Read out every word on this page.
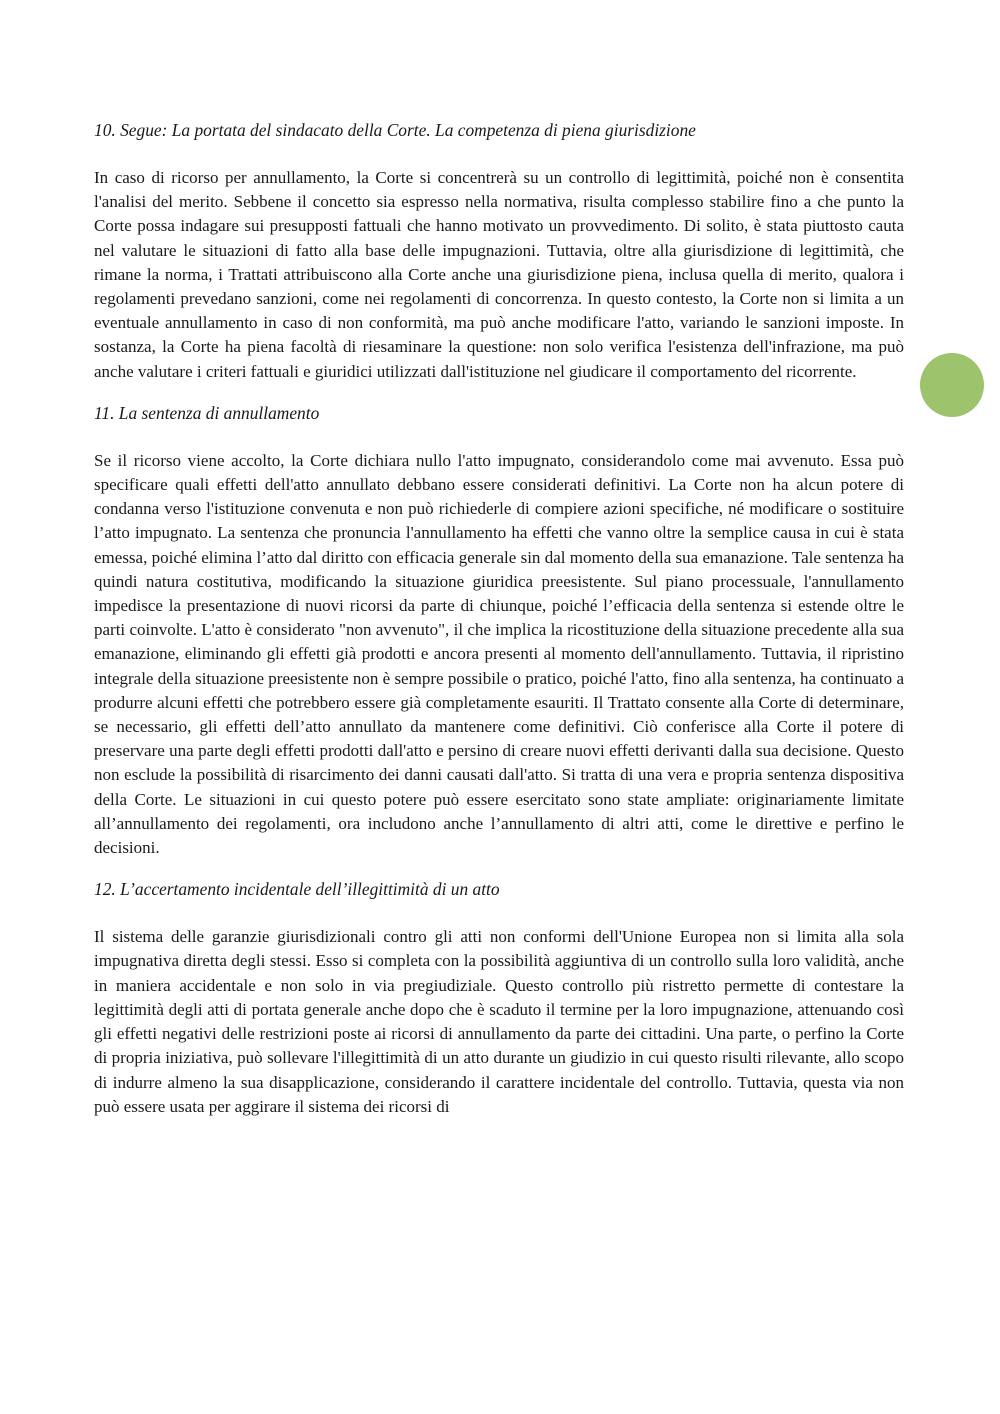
10. Segue: La portata del sindacato della Corte. La competenza di piena giurisdizione

In caso di ricorso per annullamento, la Corte si concentrerà su un controllo di legittimità, poiché non è consentita l'analisi del merito. Sebbene il concetto sia espresso nella normativa, risulta complesso stabilire fino a che punto la Corte possa indagare sui presupposti fattuali che hanno motivato un provvedimento. Di solito, è stata piuttosto cauta nel valutare le situazioni di fatto alla base delle impugnazioni. Tuttavia, oltre alla giurisdizione di legittimità, che rimane la norma, i Trattati attribuiscono alla Corte anche una giurisdizione piena, inclusa quella di merito, qualora i regolamenti prevedano sanzioni, come nei regolamenti di concorrenza. In questo contesto, la Corte non si limita a un eventuale annullamento in caso di non conformità, ma può anche modificare l'atto, variando le sanzioni imposte. In sostanza, la Corte ha piena facoltà di riesaminare la questione: non solo verifica l'esistenza dell'infrazione, ma può anche valutare i criteri fattuali e giuridici utilizzati dall'istituzione nel giudicare il comportamento del ricorrente.

11. La sentenza di annullamento

Se il ricorso viene accolto, la Corte dichiara nullo l'atto impugnato, considerandolo come mai avvenuto. Essa può specificare quali effetti dell'atto annullato debbano essere considerati definitivi. La Corte non ha alcun potere di condanna verso l'istituzione convenuta e non può richiederle di compiere azioni specifiche, né modificare o sostituire l’atto impugnato. La sentenza che pronuncia l'annullamento ha effetti che vanno oltre la semplice causa in cui è stata emessa, poiché elimina l’atto dal diritto con efficacia generale sin dal momento della sua emanazione. Tale sentenza ha quindi natura costitutiva, modificando la situazione giuridica preesistente. Sul piano processuale, l'annullamento impedisce la presentazione di nuovi ricorsi da parte di chiunque, poiché l’efficacia della sentenza si estende oltre le parti coinvolte. L'atto è considerato "non avvenuto", il che implica la ricostituzione della situazione precedente alla sua emanazione, eliminando gli effetti già prodotti e ancora presenti al momento dell'annullamento. Tuttavia, il ripristino integrale della situazione preesistente non è sempre possibile o pratico, poiché l'atto, fino alla sentenza, ha continuato a produrre alcuni effetti che potrebbero essere già completamente esauriti. Il Trattato consente alla Corte di determinare, se necessario, gli effetti dell’atto annullato da mantenere come definitivi. Ciò conferisce alla Corte il potere di preservare una parte degli effetti prodotti dall'atto e persino di creare nuovi effetti derivanti dalla sua decisione. Questo non esclude la possibilità di risarcimento dei danni causati dall'atto. Si tratta di una vera e propria sentenza dispositiva della Corte. Le situazioni in cui questo potere può essere esercitato sono state ampliate: originariamente limitate all’annullamento dei regolamenti, ora includono anche l’annullamento di altri atti, come le direttive e perfino le decisioni.

12. L’accertamento incidentale dell’illegittimità di un atto

Il sistema delle garanzie giurisdizionali contro gli atti non conformi dell'Unione Europea non si limita alla sola impugnativa diretta degli stessi. Esso si completa con la possibilità aggiuntiva di un controllo sulla loro validità, anche in maniera accidentale e non solo in via pregiudiziale. Questo controllo più ristretto permette di contestare la legittimità degli atti di portata generale anche dopo che è scaduto il termine per la loro impugnazione, attenuando così gli effetti negativi delle restrizioni poste ai ricorsi di annullamento da parte dei cittadini. Una parte, o perfino la Corte di propria iniziativa, può sollevare l'illegittimità di un atto durante un giudizio in cui questo risulti rilevante, allo scopo di indurre almeno la sua disapplicazione, considerando il carattere incidentale del controllo. Tuttavia, questa via non può essere usata per aggirare il sistema dei ricorsi di
